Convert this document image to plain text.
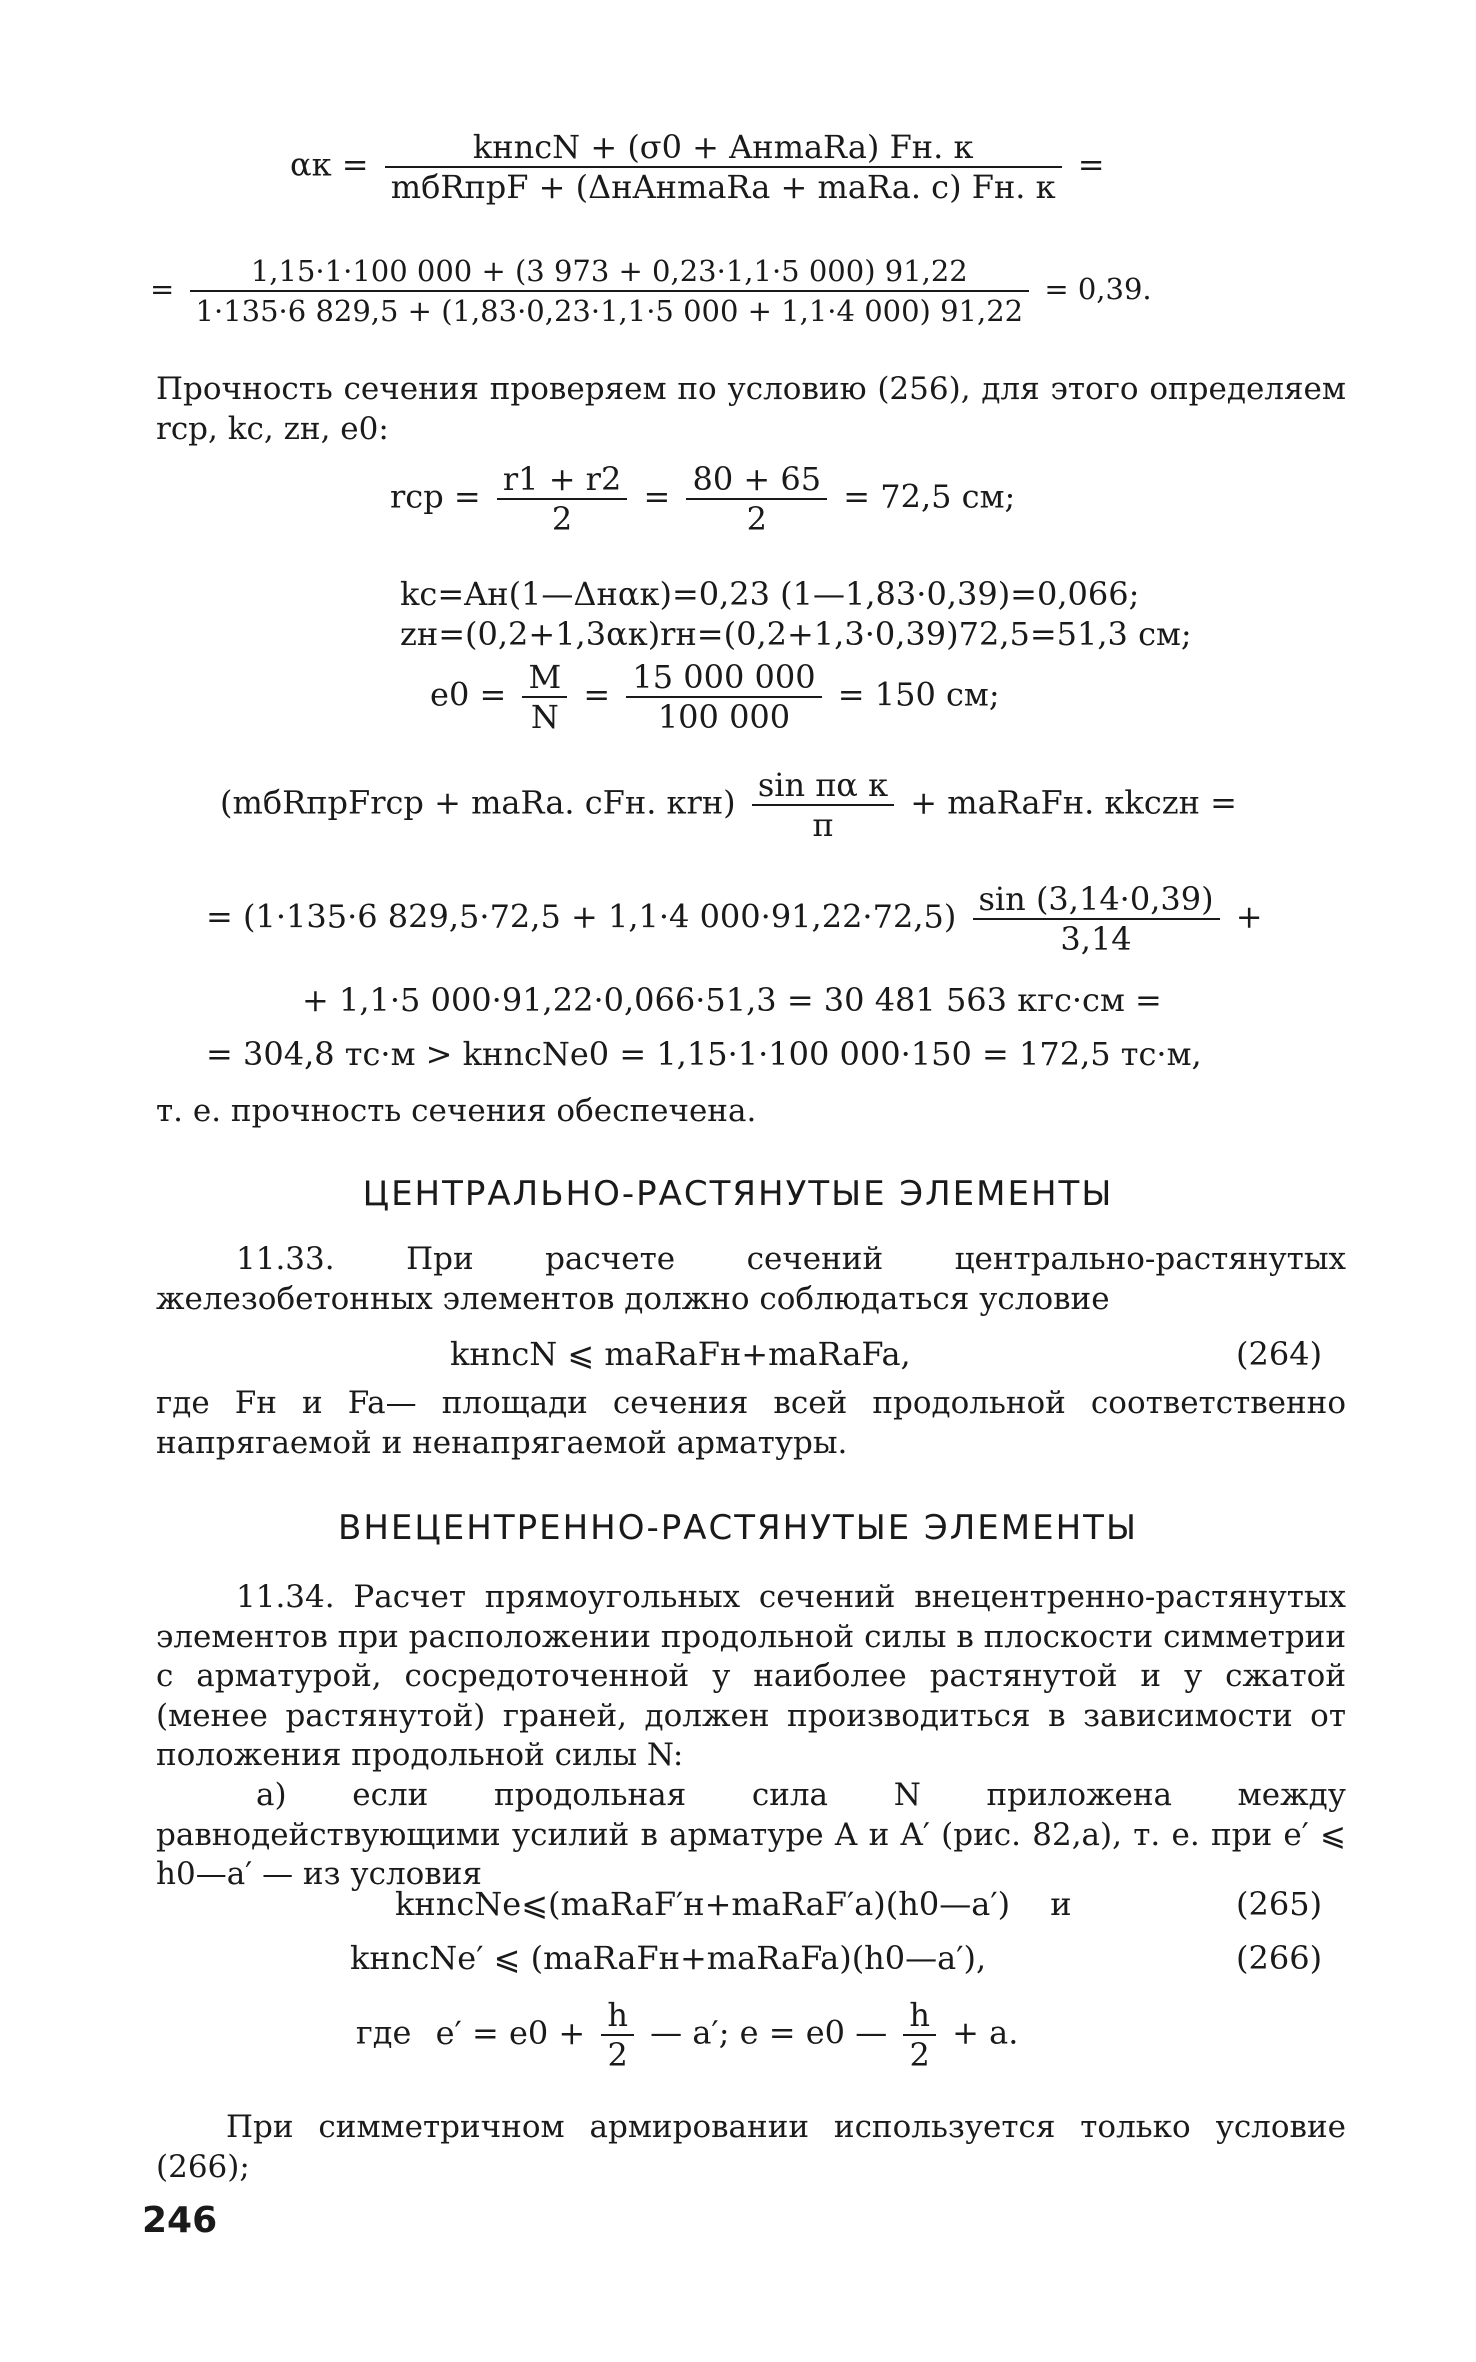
$\alpha к = \frac{\text{kнncN + (σ0 + AнmaRa) Fн. к}}{\text{mбRпрF + (ΔнAнmaRa + maRa. c) Fн. к}}$ =
= $\frac{1,15\cdot 1\cdot 100 000 + (3 973 + 0,23\cdot 1,1\cdot 5 000) 91,22}{1\cdot 135\cdot 6 829,5 + (1,83\cdot 0,23\cdot 1,1\cdot 5 000 + 1,1\cdot 4 000) 91,22} = 0,39$.
Прочность сечения проверяем по условию (256), для этого определяем rср, kc, zн, e0:
rср = $\frac{r1 + r2}{2} = \frac{80 + 65}{2} = 72,5$ см;
kc=Aн(1—Δнαк)=0,23 (1—1,83·0,39)=0,066;
zн=(0,2+1,3αк)rн=(0,2+1,3·0,39)72,5=51,3 см;
$e0 = \frac{M}{N} = \frac{15 000 000}{100 000} = 150$ см;
(mбRпрFrср + maRa. cFн. $кrн) \frac{\text{sin πα к}}{\pi}$ + maRaFн. кkczн =
= (1·135·6 829,5·72,5 + 1,1·4 $000\cdot 91,22\cdot 72,5) \frac{\sin (3,14\cdot 0,39)}{3,14}$ +
+ 1,1·5 000·91,22·0,066·51,3 = 30 481 563 кгс·см =
= 304,8 тс·м > kнncNe0 = 1,15·1·100 000·150 = 172,5 тс·м,
т. е. прочность сечения обеспечена.
ЦЕНТРАЛЬНО-РАСТЯНУТЫЕ ЭЛЕМЕНТЫ
11.33. При расчете сечений центрально-растянутых железобетонных элементов должно соблюдаться условие
kнncN ⩽ maRaFн+maRaFa,	(264)
где Fн и Fa— площади сечения всей продольной соответственно напрягаемой и ненапрягаемой арматуры.
ВНЕЦЕНТРЕННО-РАСТЯНУТЫЕ ЭЛЕМЕНТЫ
11.34. Расчет прямоугольных сечений внецентренно-растянутых элементов при расположении продольной силы в плоскости симметрии с арматурой, сосредоточенной у наиболее растянутой и у сжатой (менее растянутой) граней, должен производиться в зависимости от положения продольной силы N:
а) если продольная сила N приложена между равнодействующими усилий в арматуре A и A′ (рис. 82,а), т. е. при e′ ⩽ h0—a′ — из условия
kнncNe⩽(maRaF′н+maRaF′a)(h0—a′) и	(265)
kнncNe′ ⩽ (maRaFн+maRaFa)(h0—a′),	(266)
где $e' = e0 + \frac{h}{2}$ — a′; e = e0 — $\frac{h}{2} + a$.
При симметричном армировании используется только условие (266);
246
